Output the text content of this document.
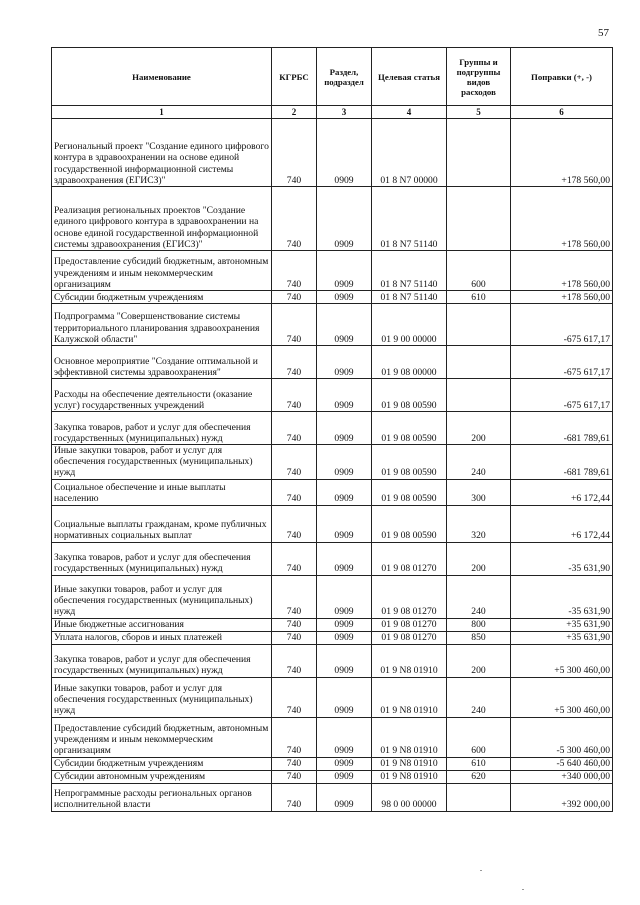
57
Наименование	КГРБС	Раздел, подраздел	Целевая статья	Группы и подгруппы видов расходов	Поправки (+, -)
1	2	3	4	5	6
Региональный проект "Создание единого цифрового контура в здравоохранении на основе единой государственной информационной системы здравоохранения (ЕГИСЗ)"	740	0909	01 8 N7 00000		+178 560,00
Реализация региональных проектов "Создание единого цифрового контура в здравоохранении на основе единой государственной информационной системы здравоохранения (ЕГИСЗ)"	740	0909	01 8 N7 51140		+178 560,00
Предоставление субсидий бюджетным, автономным учреждениям и иным некоммерческим организациям	740	0909	01 8 N7 51140	600	+178 560,00
Субсидии бюджетным учреждениям	740	0909	01 8 N7 51140	610	+178 560,00
Подпрограмма "Совершенствование системы территориального планирования здравоохранения Калужской области"	740	0909	01 9 00 00000		-675 617,17
Основное мероприятие "Создание оптимальной и эффективной системы здравоохранения"	740	0909	01 9 08 00000		-675 617,17
Расходы на обеспечение деятельности (оказание услуг) государственных учреждений	740	0909	01 9 08 00590		-675 617,17
Закупка товаров, работ и услуг для обеспечения государственных (муниципальных) нужд	740	0909	01 9 08 00590	200	-681 789,61
Иные закупки товаров, работ и услуг для обеспечения государственных (муниципальных) нужд	740	0909	01 9 08 00590	240	-681 789,61
Социальное обеспечение и иные выплаты населению	740	0909	01 9 08 00590	300	+6 172,44
Социальные выплаты гражданам, кроме публичных нормативных социальных выплат	740	0909	01 9 08 00590	320	+6 172,44
Закупка товаров, работ и услуг для обеспечения государственных (муниципальных) нужд	740	0909	01 9 08 01270	200	-35 631,90
Иные закупки товаров, работ и услуг для обеспечения государственных (муниципальных) нужд	740	0909	01 9 08 01270	240	-35 631,90
Иные бюджетные ассигнования	740	0909	01 9 08 01270	800	+35 631,90
Уплата налогов, сборов и иных платежей	740	0909	01 9 08 01270	850	+35 631,90
Закупка товаров, работ и услуг для обеспечения государственных (муниципальных) нужд	740	0909	01 9 N8 01910	200	+5 300 460,00
Иные закупки товаров, работ и услуг для обеспечения государственных (муниципальных) нужд	740	0909	01 9 N8 01910	240	+5 300 460,00
Предоставление субсидий бюджетным, автономным учреждениям и иным некоммерческим организациям	740	0909	01 9 N8 01910	600	-5 300 460,00
Субсидии бюджетным учреждениям	740	0909	01 9 N8 01910	610	-5 640 460,00
Субсидии автономным учреждениям	740	0909	01 9 N8 01910	620	+340 000,00
Непрограммные расходы региональных органов исполнительной власти	740	0909	98 0 00 00000		+392 000,00
